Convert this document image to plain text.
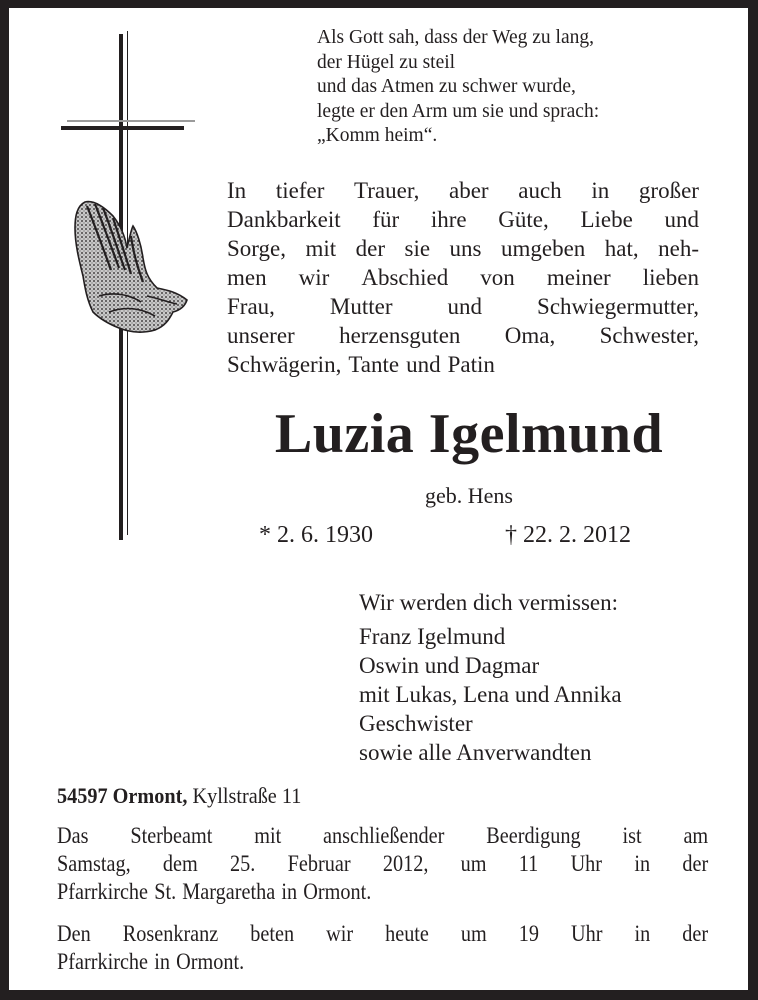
Als Gott sah, dass der Weg zu lang,
der Hügel zu steil
und das Atmen zu schwer wurde,
legte er den Arm um sie und sprach:
„Komm heim“.
In tiefer Trauer, aber auch in großer
Dankbarkeit für ihre Güte, Liebe und
Sorge, mit der sie uns umgeben hat, neh-
men wir Abschied von meiner lieben
Frau, Mutter und Schwiegermutter,
unserer herzensguten Oma, Schwester,
Schwägerin, Tante und Patin
Luzia Igelmund
geb. Hens
* 2. 6. 1930	† 22. 2. 2012
Wir werden dich vermissen:
Franz Igelmund
Oswin und Dagmar
mit Lukas, Lena und Annika
Geschwister
sowie alle Anverwandten
54597 Ormont, Kyllstraße 11
Das Sterbeamt mit anschließender Beerdigung ist am
Samstag, dem 25. Februar 2012, um 11 Uhr in der
Pfarrkirche St. Margaretha in Ormont.
Den Rosenkranz beten wir heute um 19 Uhr in der
Pfarrkirche in Ormont.
